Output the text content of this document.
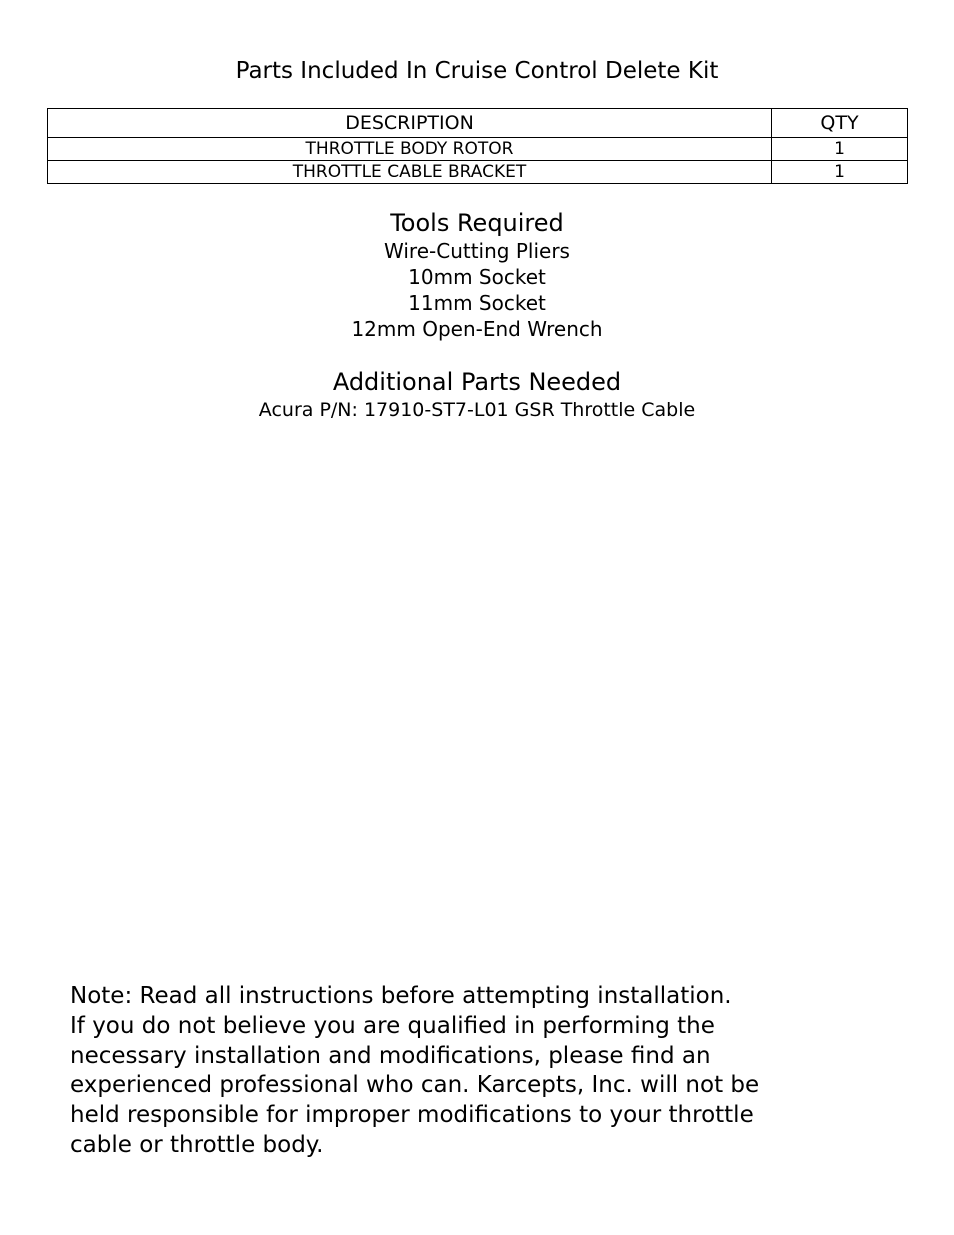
Parts Included In Cruise Control Delete Kit
DESCRIPTION	QTY
THROTTLE BODY ROTOR	1
THROTTLE CABLE BRACKET	1
Tools Required
Wire-Cutting Pliers
10mm Socket
11mm Socket
12mm Open-End Wrench
Additional Parts Needed
Acura P/N: 17910-ST7-L01 GSR Throttle Cable

Note: Read all instructions before attempting installation.
If you do not believe you are qualified in performing the
necessary installation and modifications, please find an
experienced professional who can. Karcepts, Inc. will not be
held responsible for improper modifications to your throttle
cable or throttle body.
